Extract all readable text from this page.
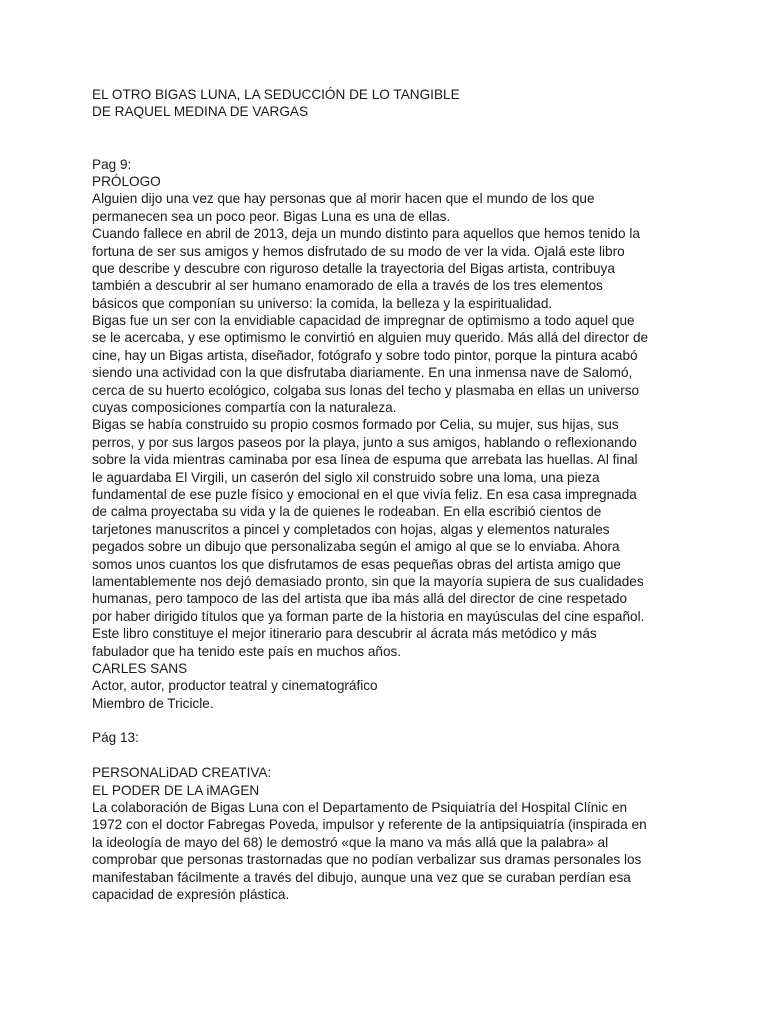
EL OTRO BIGAS LUNA, LA SEDUCCIÓN DE LO TANGIBLE
DE RAQUEL MEDINA DE VARGAS
Pag 9:
PRÓLOGO
Alguien dijo una vez que hay personas que al morir hacen que el mundo de los que
permanecen sea un poco peor. Bigas Luna es una de ellas.
Cuando fallece en abril de 2013, deja un mundo distinto para aquellos que hemos tenido la
fortuna de ser sus amigos y hemos disfrutado de su modo de ver la vida. Ojalá este libro
que describe y descubre con riguroso detalle la trayectoria del Bigas artista, contribuya
también a descubrir al ser humano enamorado de ella a través de los tres elementos
básicos que componían su universo: la comida, la belleza y la espiritualidad.
Bigas fue un ser con la envidiable capacidad de impregnar de optimismo a todo aquel que
se le acercaba, y ese optimismo le convirtió en alguien muy querido. Más allá del director de
cine, hay un Bigas artista, diseñador, fotógrafo y sobre todo pintor, porque la pintura acabó
siendo una actividad con la que disfrutaba diariamente. En una inmensa nave de Salomó,
cerca de su huerto ecológico, colgaba sus lonas del techo y plasmaba en ellas un universo
cuyas composiciones compartía con la naturaleza.
Bigas se había construido su propio cosmos formado por Celia, su mujer, sus hijas, sus
perros, y por sus largos paseos por la playa, junto a sus amigos, hablando o reflexionando
sobre la vida mientras caminaba por esa línea de espuma que arrebata las huellas. Al final
le aguardaba El Virgili, un caserón del siglo xil construido sobre una loma, una pieza
fundamental de ese puzle físico y emocional en el que vivía feliz. En esa casa impregnada
de calma proyectaba su vida y la de quienes le rodeaban. En ella escribió cientos de
tarjetones manuscritos a pincel y completados con hojas, algas y elementos naturales
pegados sobre un dibujo que personalizaba según el amigo al que se lo enviaba. Ahora
somos unos cuantos los que disfrutamos de esas pequeñas obras del artista amigo que
lamentablemente nos dejó demasiado pronto, sin que la mayoría supiera de sus cualidades
humanas, pero tampoco de las del artista que iba más allá del director de cine respetado
por haber dirigido títulos que ya forman parte de la historia en mayúsculas del cine español.
Este libro constituye el mejor itinerario para descubrir al ácrata más metódico y más
fabulador que ha tenido este país en muchos años.
CARLES SANS
Actor, autor, productor teatral y cinematográfico
Miembro de Tricicle.
Pág 13:
PERSONALiDAD CREATIVA:
EL PODER DE LA iMAGEN
La colaboración de Bigas Luna con el Departamento de Psiquiatría del Hospital Clínic en
1972 con el doctor Fabregas Poveda, impulsor y referente de la antipsiquiatría (inspirada en
la ideología de mayo del 68) le demostró «que la mano va más allá que la palabra» al
comprobar que personas trastornadas que no podían verbalizar sus dramas personales los
manifestaban fácilmente a través del dibujo, aunque una vez que se curaban perdían esa
capacidad de expresión plástica.
